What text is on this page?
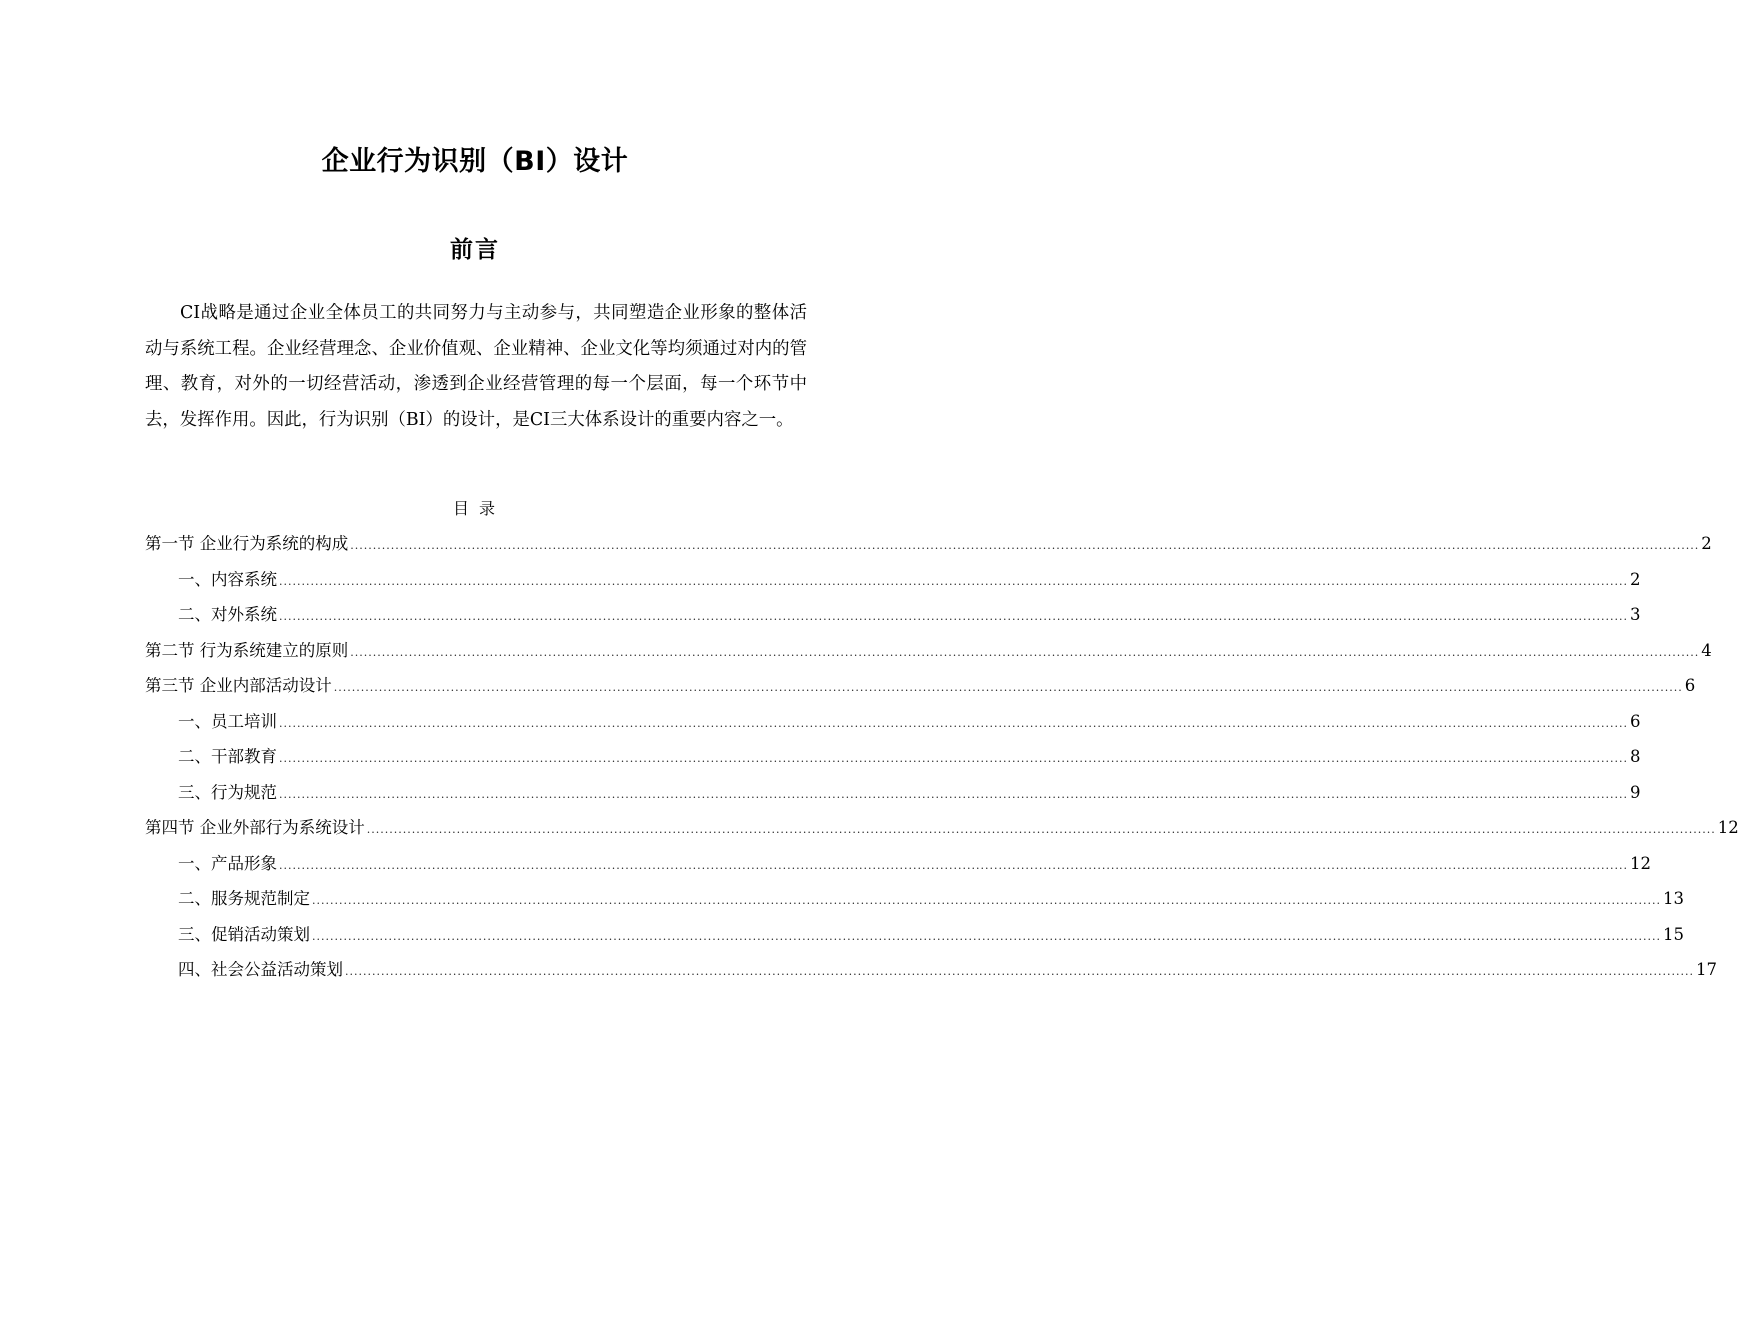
企业行为识别（BI）设计
前言

CI战略是通过企业全体员工的共同努力与主动参与，共同塑造企业形象的整体活动与系统工程。企业经营理念、企业价值观、企业精神、企业文化等均须通过对内的管理、教育，对外的一切经营活动，渗透到企业经营管理的每一个层面，每一个环节中去，发挥作用。因此，行为识别（BI）的设计，是CI三大体系设计的重要内容之一。

目录
第一节 企业行为系统的构成 ............................................................................................................................................................................................................................................................................................................ 2
一、内容系统 ............................................................................................................................................................................................................................................................................................................ 2
二、对外系统 ............................................................................................................................................................................................................................................................................................................ 3
第二节 行为系统建立的原则 ............................................................................................................................................................................................................................................................................................................ 4
第三节 企业内部活动设计 ............................................................................................................................................................................................................................................................................................................ 6
一、员工培训 ............................................................................................................................................................................................................................................................................................................ 6
二、干部教育 ............................................................................................................................................................................................................................................................................................................ 8
三、行为规范 ............................................................................................................................................................................................................................................................................................................ 9
第四节 企业外部行为系统设计 ............................................................................................................................................................................................................................................................................................................ 12
一、产品形象 ............................................................................................................................................................................................................................................................................................................ 12
二、服务规范制定 ............................................................................................................................................................................................................................................................................................................ 13
三、促销活动策划 ............................................................................................................................................................................................................................................................................................................ 15
四、社会公益活动策划 ............................................................................................................................................................................................................................................................................................................ 17
